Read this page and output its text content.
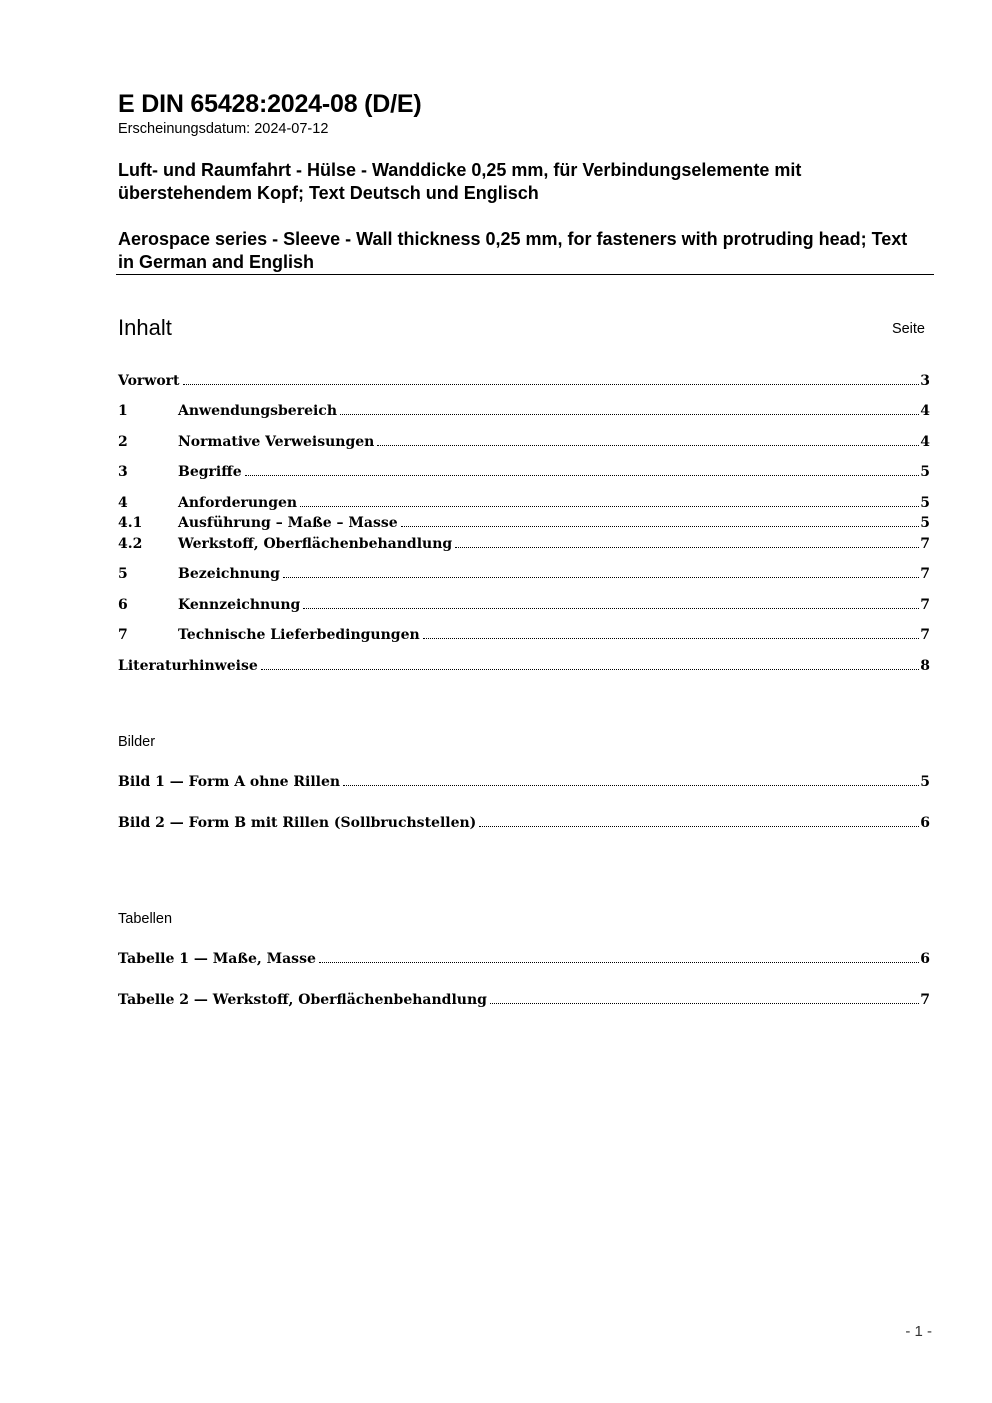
E DIN 65428:2024-08 (D/E)
Erscheinungsdatum: 2024-07-12
Luft- und Raumfahrt - Hülse - Wanddicke 0,25 mm, für Verbindungselemente mit überstehendem Kopf; Text Deutsch und Englisch
Aerospace series - Sleeve - Wall thickness 0,25 mm, for fasteners with protruding head; Text in German and English
Inhalt	Seite
Vorwort	3
1	Anwendungsbereich	4
2	Normative Verweisungen	4
3	Begriffe	5
4	Anforderungen	5
4.1	Ausführung – Maße – Masse	5
4.2	Werkstoff, Oberflächenbehandlung	7
5	Bezeichnung	7
6	Kennzeichnung	7
7	Technische Lieferbedingungen	7
Literaturhinweise	8
Bilder
Bild 1 — Form A ohne Rillen	5
Bild 2 — Form B mit Rillen (Sollbruchstellen)	6
Tabellen
Tabelle 1 — Maße, Masse	6
Tabelle 2 — Werkstoff, Oberflächenbehandlung	7
- 1 -
